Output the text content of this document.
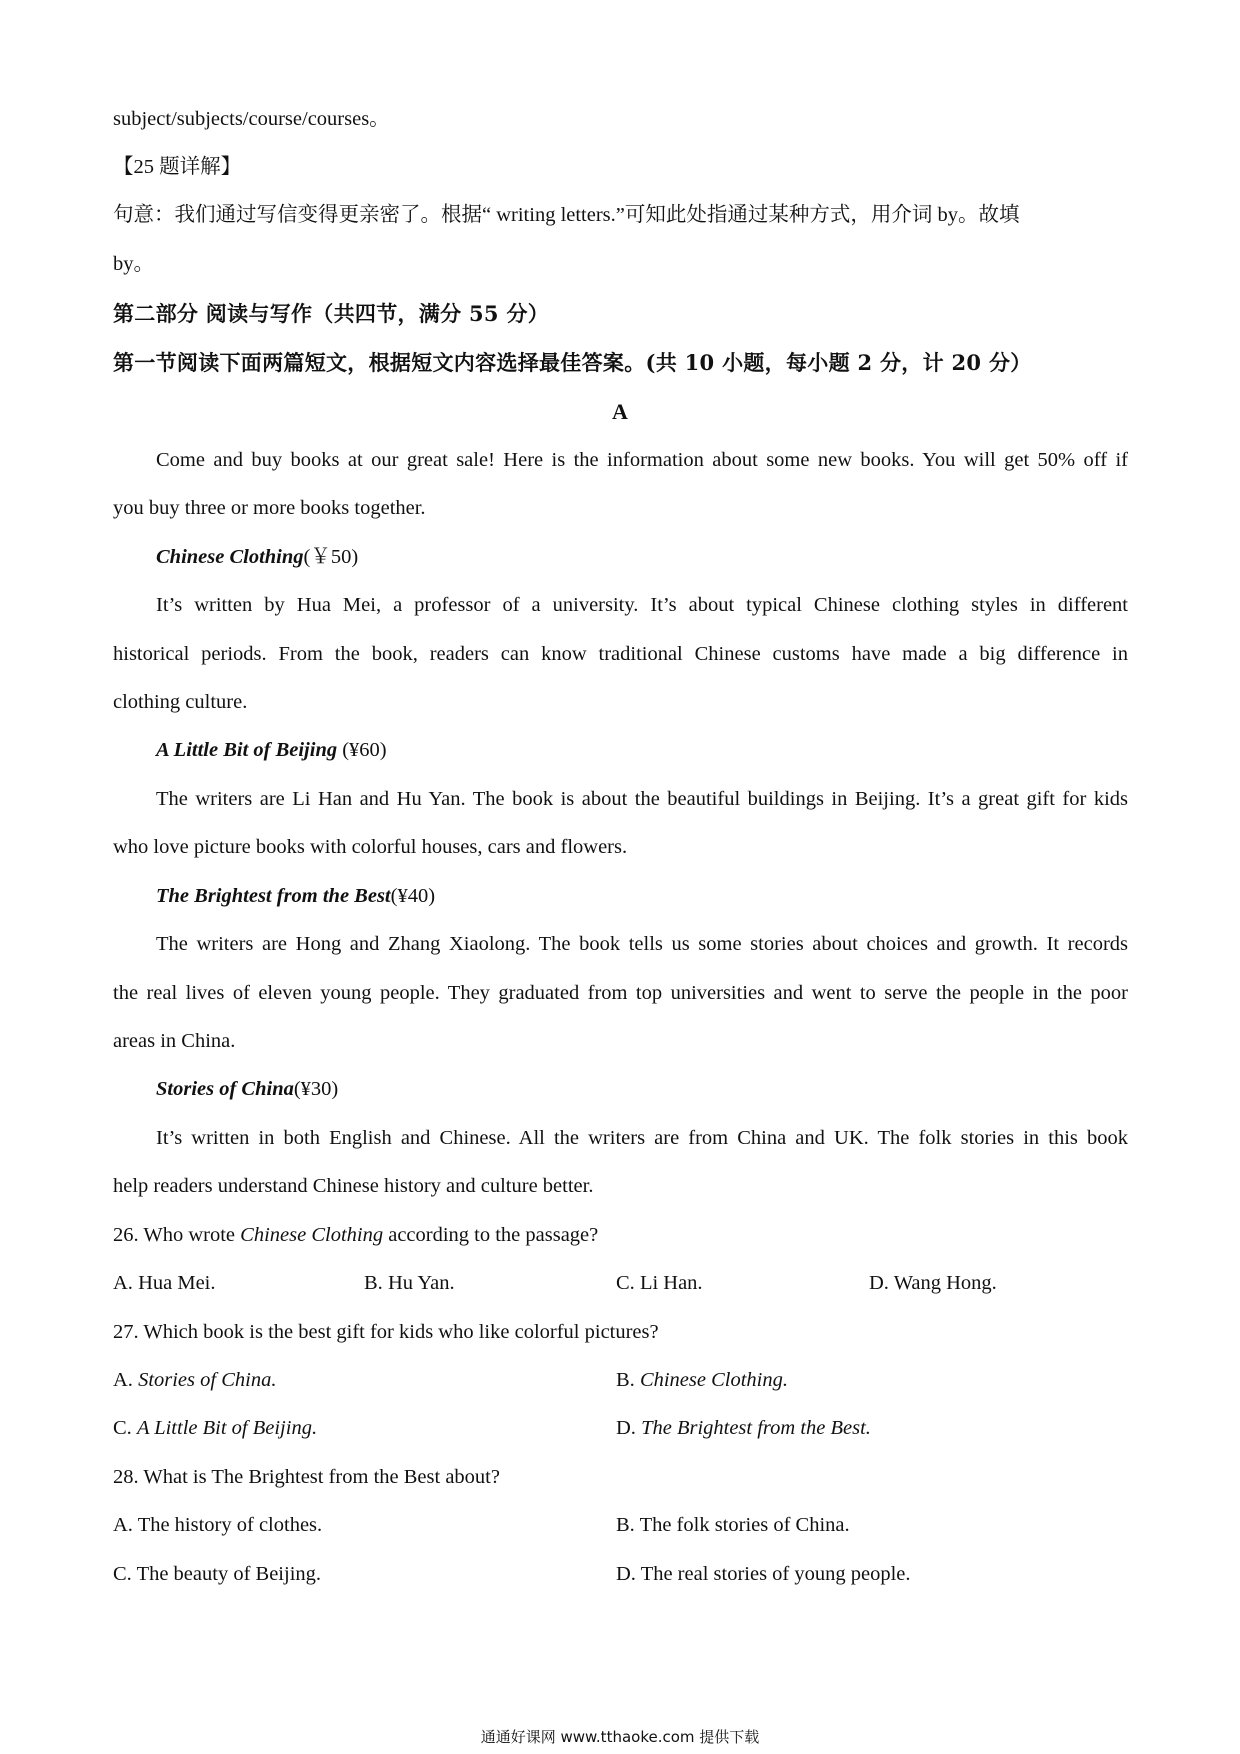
subject/subjects/course/courses。
【25 题详解】
句意：我们通过写信变得更亲密了。根据“ writing letters.”可知此处指通过某种方式，用介词 by。故填
by。
第二部分 阅读与写作（共四节，满分 55 分）
第一节阅读下面两篇短文，根据短文内容选择最佳答案。(共 10 小题，每小题 2 分，计 20 分）
A
Come and buy books at our great sale! Here is the information about some new books. You will get 50% off if
you buy three or more books together.
Chinese Clothing(￥50)
It’s written by Hua Mei, a professor of a university. It’s about typical Chinese clothing styles in different
historical periods. From the book, readers can know traditional Chinese customs have made a big difference in
clothing culture.
A Little Bit of Beijing (¥60)
The writers are Li Han and Hu Yan. The book is about the beautiful buildings in Beijing. It’s a great gift for kids
who love picture books with colorful houses, cars and flowers.
The Brightest from the Best(¥40)
The writers are Hong and Zhang Xiaolong. The book tells us some stories about choices and growth. It records
the real lives of eleven young people. They graduated from top universities and went to serve the people in the poor
areas in China.
Stories of China(¥30)
It’s written in both English and Chinese. All the writers are from China and UK. The folk stories in this book
help readers understand Chinese history and culture better.
26. Who wrote Chinese Clothing according to the passage?
A. Hua Mei.	B. Hu Yan.	C. Li Han.	D. Wang Hong.
27. Which book is the best gift for kids who like colorful pictures?
A. Stories of China.	B. Chinese Clothing.
C. A Little Bit of Beijing.	D. The Brightest from the Best.
28. What is The Brightest from the Best about?
A. The history of clothes.	B. The folk stories of China.
C. The beauty of Beijing.	D. The real stories of young people.
通通好课网 www.tthaoke.com 提供下载
